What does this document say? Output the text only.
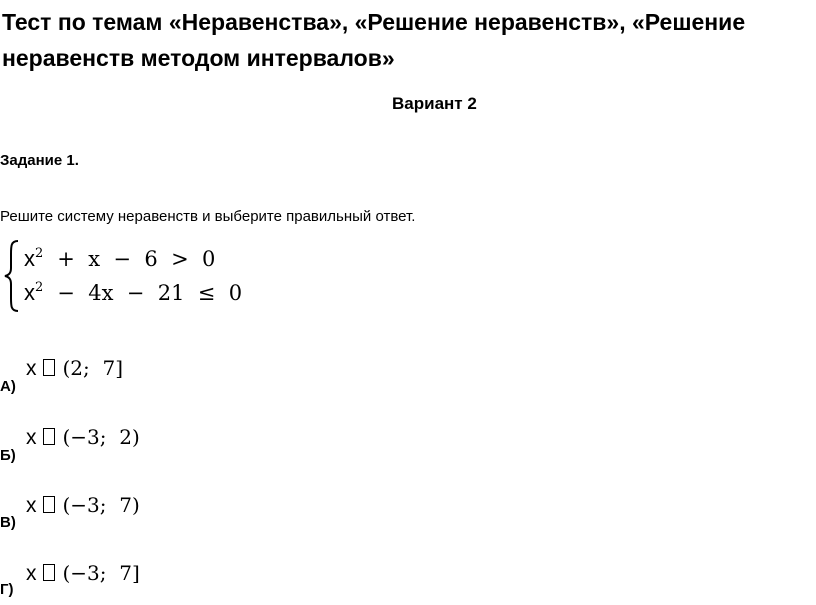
Тест по темам «Неравенства», «Решение неравенств», «Решение неравенств методом интервалов»
Вариант 2
Задание 1.
Решите систему неравенств и выберите правильный ответ.
$x^2 + x - 6 > 0$
$x^2 - 4x - 21 \le 0$
x (2;  7]
А)
x (−3;  2)
Б)
x (−3;  7)
В)
x (−3;  7]
Г)
